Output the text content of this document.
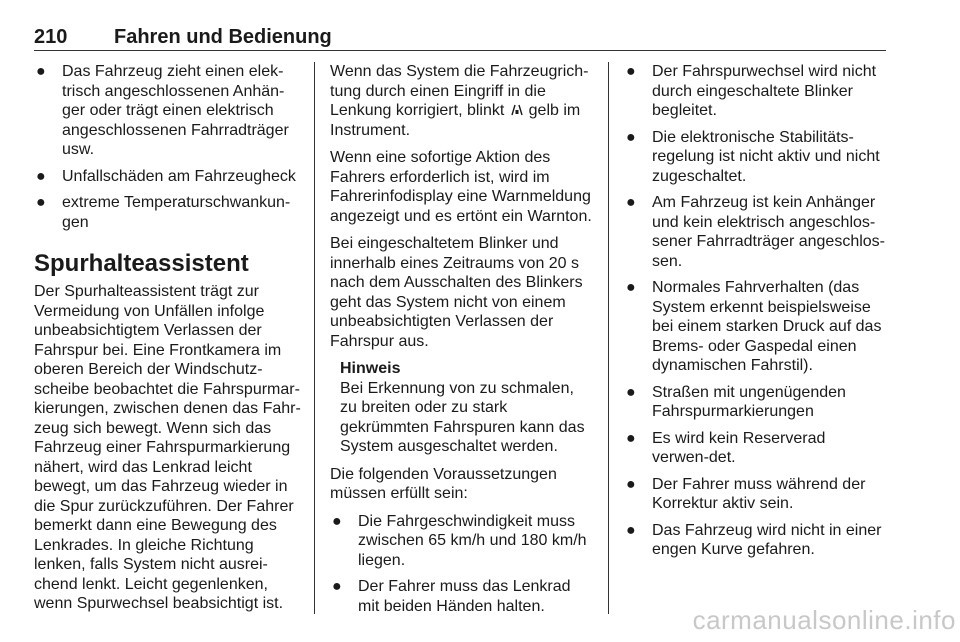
210 Fahren und Bedienung
● Das Fahrzeug zieht einen elek-trisch angeschlossenen Anhän-ger oder trägt einen elektrisch angeschlossenen Fahrradträger usw.
● Unfallschäden am Fahrzeugheck
● extreme Temperaturschwankun-gen
Spurhalteassistent

Der Spurhalteassistent trägt zur Vermeidung von Unfällen infolge unbeabsichtigtem Verlassen der Fahrspur bei. Eine Frontkamera im oberen Bereich der Windschutz-scheibe beobachtet die Fahrspurmar-kierungen, zwischen denen das Fahr-zeug sich bewegt. Wenn sich das Fahrzeug einer Fahrspurmarkierung nähert, wird das Lenkrad leicht bewegt, um das Fahrzeug wieder in die Spur zurückzuführen. Der Fahrer bemerkt dann eine Bewegung des Lenkrades. In gleiche Richtung lenken, falls System nicht ausrei-chend lenkt. Leicht gegenlenken, wenn Spurwechsel beabsichtigt ist.

Wenn das System die Fahrzeugrich-tung durch einen Eingriff in die Lenkung korrigiert, blinkt gelb im Instrument.

Wenn eine sofortige Aktion des Fahrers erforderlich ist, wird im Fahrerinfodisplay eine Warnmeldung angezeigt und es ertönt ein Warnton.

Bei eingeschaltetem Blinker und innerhalb eines Zeitraums von 20 s nach dem Ausschalten des Blinkers geht das System nicht von einem unbeabsichtigten Verlassen der Fahrspur aus.

Hinweis
Bei Erkennung von zu schmalen, zu breiten oder zu stark gekrümmten Fahrspuren kann das System ausgeschaltet werden.

Die folgenden Voraussetzungen müssen erfüllt sein:

● Die Fahrgeschwindigkeit muss zwischen 65 km/h und 180 km/h liegen.
● Der Fahrer muss das Lenkrad mit beiden Händen halten.
● Der Fahrspurwechsel wird nicht durch eingeschaltete Blinker begleitet.
● Die elektronische Stabilitäts-regelung ist nicht aktiv und nicht zugeschaltet.
● Am Fahrzeug ist kein Anhänger und kein elektrisch angeschlos-sener Fahrradträger angeschlos-sen.
● Normales Fahrverhalten (das System erkennt beispielsweise bei einem starken Druck auf das Brems- oder Gaspedal einen dynamischen Fahrstil).
● Straßen mit ungenügenden Fahrspurmarkierungen
● Es wird kein Reserverad verwen-det.
● Der Fahrer muss während der Korrektur aktiv sein.
● Das Fahrzeug wird nicht in einer engen Kurve gefahren.
carmanualsonline.info
